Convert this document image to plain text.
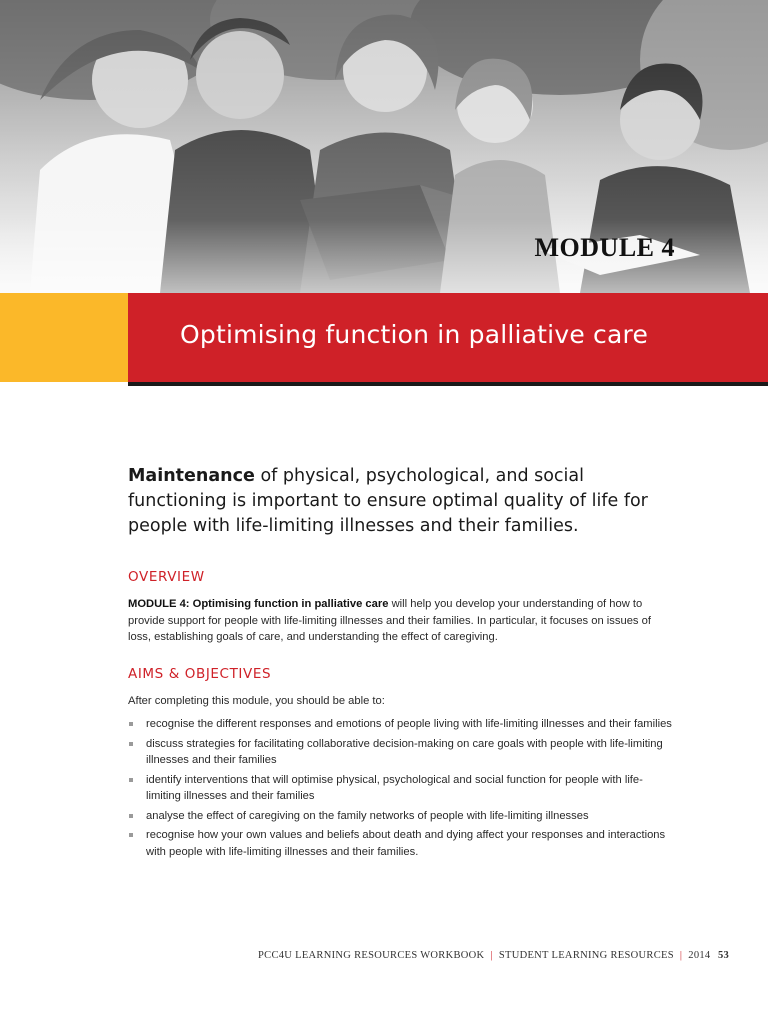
MODULE 4
Optimising function in palliative care
Maintenance of physical, psychological, and social functioning is important to ensure optimal quality of life for people with life-limiting illnesses and their families.
OVERVIEW
MODULE 4: Optimising function in palliative care will help you develop your understanding of how to provide support for people with life-limiting illnesses and their families. In particular, it focuses on issues of loss, establishing goals of care, and understanding the effect of caregiving.
AIMS & OBJECTIVES
After completing this module, you should be able to:
recognise the different responses and emotions of people living with life-limiting illnesses and their families
discuss strategies for facilitating collaborative decision-making on care goals with people with life-limiting illnesses and their families
identify interventions that will optimise physical, psychological and social function for people with life-limiting illnesses and their families
analyse the effect of caregiving on the family networks of people with life-limiting illnesses
recognise how your own values and beliefs about death and dying affect your responses and interactions with people with life-limiting illnesses and their families.
PCC4U LEARNING RESOURCES WORKBOOK | STUDENT LEARNING RESOURCES | 2014 53
